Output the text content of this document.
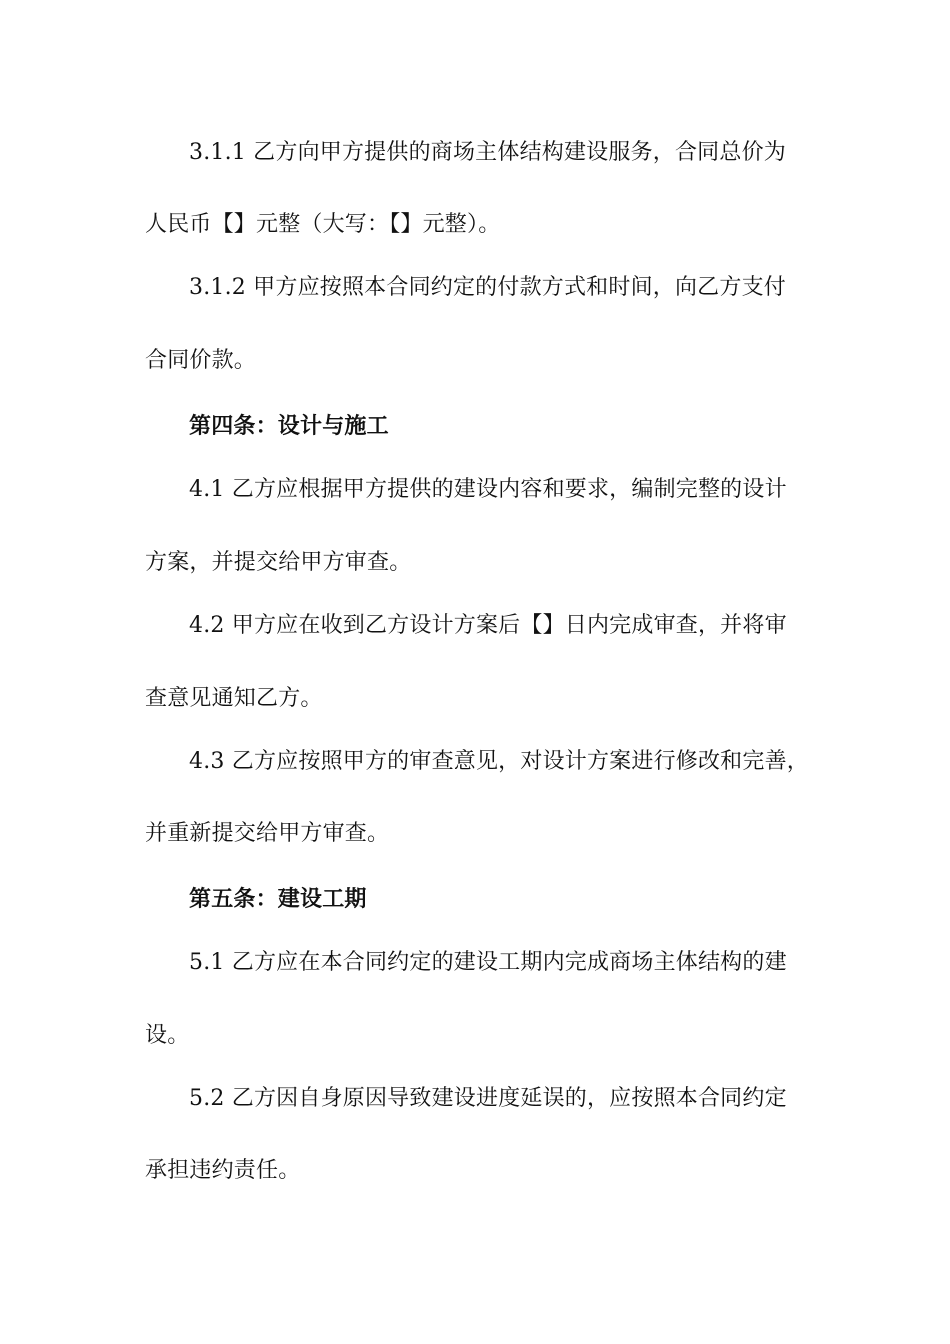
3.1.1 乙方向甲方提供的商场主体结构建设服务，合同总价为
人民币【】元整（大写：【】元整）。
3.1.2 甲方应按照本合同约定的付款方式和时间，向乙方支付
合同价款。
第四条：设计与施工
4.1 乙方应根据甲方提供的建设内容和要求，编制完整的设计
方案，并提交给甲方审查。
4.2 甲方应在收到乙方设计方案后【】日内完成审查，并将审
查意见通知乙方。
4.3 乙方应按照甲方的审查意见，对设计方案进行修改和完善，
并重新提交给甲方审查。
第五条：建设工期
5.1 乙方应在本合同约定的建设工期内完成商场主体结构的建
设。
5.2 乙方因自身原因导致建设进度延误的，应按照本合同约定
承担违约责任。
